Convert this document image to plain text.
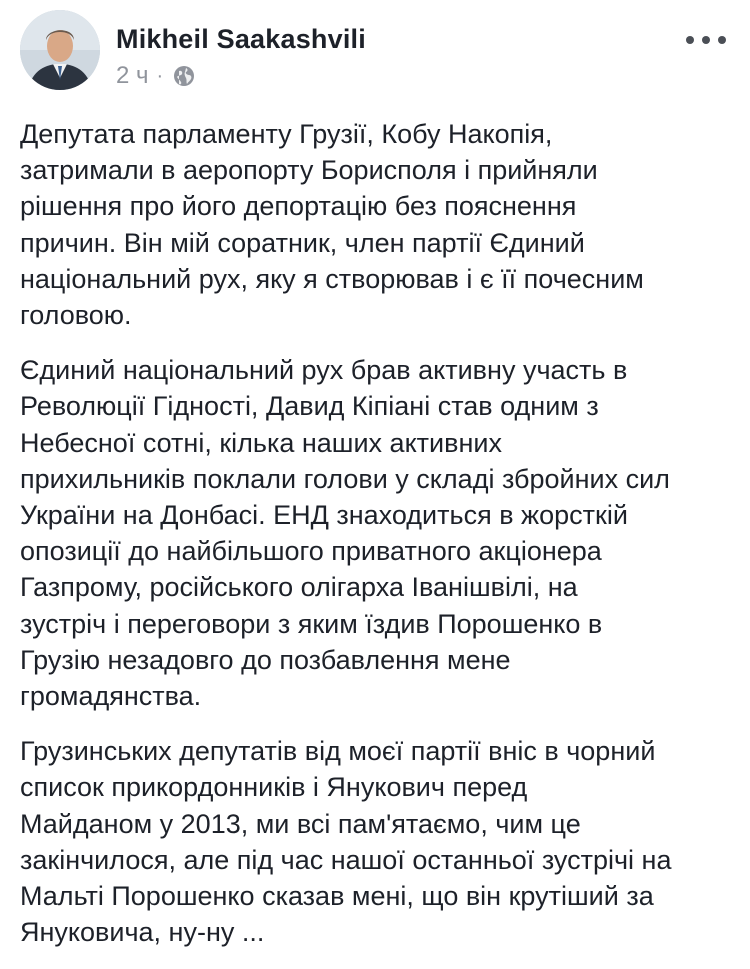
Mikheil Saakashvili
2 ч ·

Депутата парламенту Грузії, Кобу Накопія,
затримали в аеропорту Борисполя і прийняли
рішення про його депортацію без пояснення
причин. Він мій соратник, член партії Єдиний
національний рух, яку я створював і є її почесним
головою.

Єдиний національний рух брав активну участь в
Революції Гідності, Давид Кіпіані став одним з
Небесної сотні, кілька наших активних
прихильників поклали голови у складі збройних сил
України на Донбасі. ЕНД знаходиться в жорсткій
опозиції до найбільшого приватного акціонера
Газпрому, російського олігарха Іванішвілі, на
зустріч і переговори з яким їздив Порошенко в
Грузію незадовго до позбавлення мене
громадянства.

Грузинських депутатів від моєї партії вніс в чорний
список прикордонників і Янукович перед
Майданом у 2013, ми всі пам'ятаємо, чим це
закінчилося, але під час нашої останньої зустрічі на
Мальті Порошенко сказав мені, що він крутіший за
Януковича, ну-ну ...
